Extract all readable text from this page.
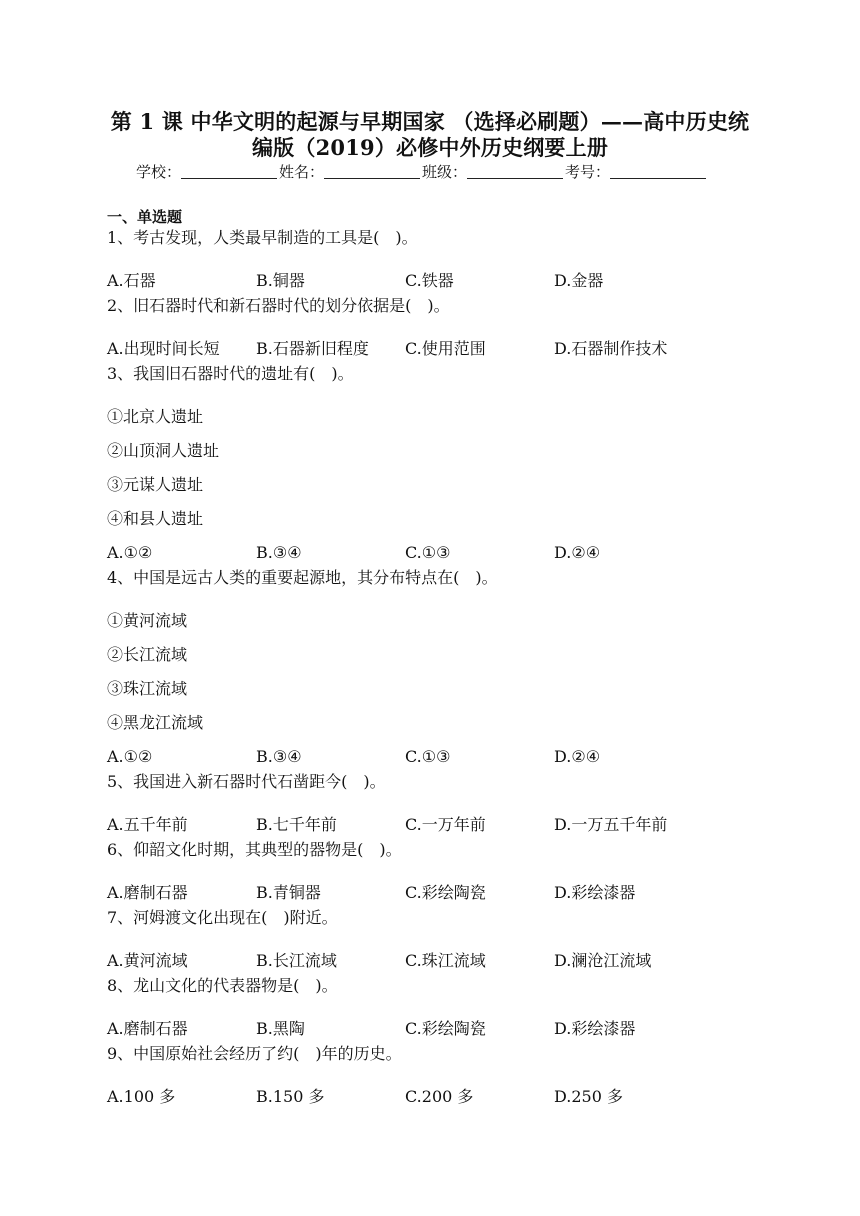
第 1 课 中华文明的起源与早期国家 （选择必刷题）——高中历史统
编版（2019）必修中外历史纲要上册
学校：	姓名：	班级：	考号：
一、单选题
1、考古发现，人类最早制造的工具是(　)。
A.石器	B.铜器	C.铁器	D.金器
2、旧石器时代和新石器时代的划分依据是(　)。
A.出现时间长短	B.石器新旧程度	C.使用范围	D.石器制作技术
3、我国旧石器时代的遗址有(　)。
①北京人遗址
②山顶洞人遗址
③元谋人遗址
④和县人遗址
A.①②	B.③④	C.①③	D.②④
4、中国是远古人类的重要起源地，其分布特点在(　)。
①黄河流域
②长江流域
③珠江流域
④黑龙江流域
A.①②	B.③④	C.①③	D.②④
5、我国进入新石器时代石凿距今(　)。
A.五千年前	B.七千年前	C.一万年前	D.一万五千年前
6、仰韶文化时期，其典型的器物是(　)。
A.磨制石器	B.青铜器	C.彩绘陶瓷	D.彩绘漆器
7、河姆渡文化出现在(　)附近。
A.黄河流域	B.长江流域	C.珠江流域	D.澜沧江流域
8、龙山文化的代表器物是(　)。
A.磨制石器	B.黑陶	C.彩绘陶瓷	D.彩绘漆器
9、中国原始社会经历了约(　)年的历史。
A.100 多	B.150 多	C.200 多	D.250 多
